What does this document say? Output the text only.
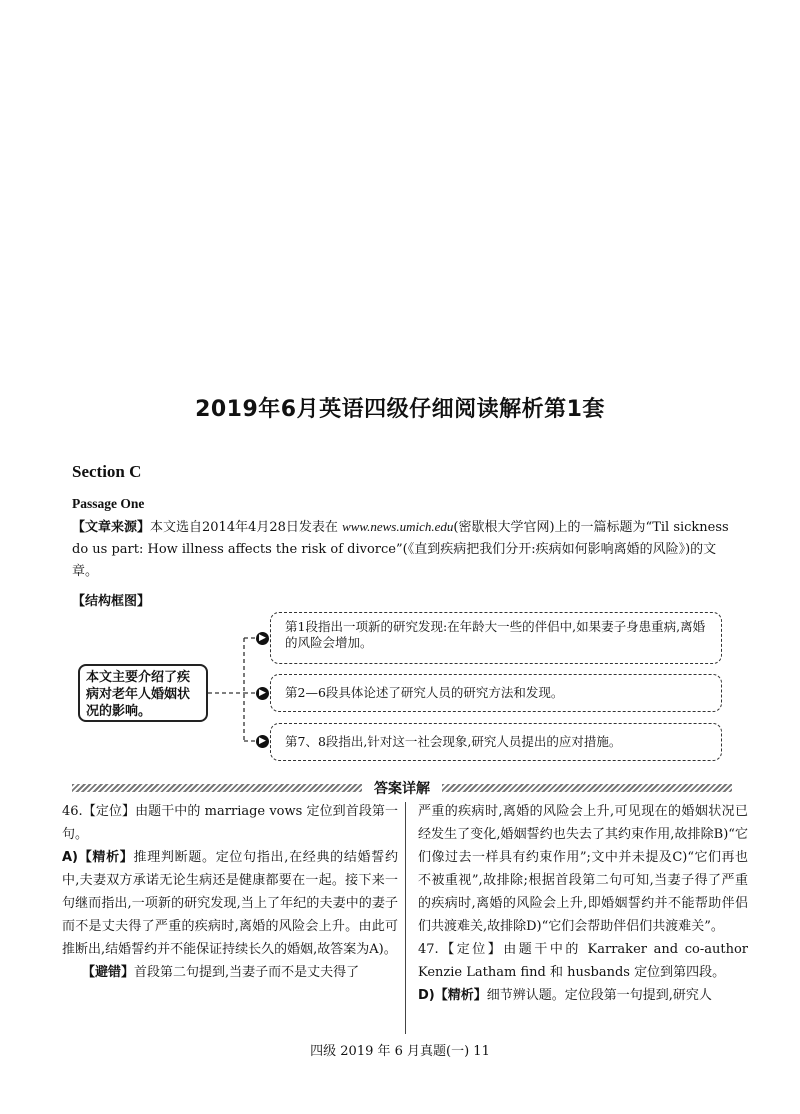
2019年6月英语四级仔细阅读解析第1套
Section C
Passage One
【文章来源】本文选自2014年4月28日发表在 www.news.umich.edu(密歇根大学官网)上的一篇标题为“Til sickness do us part: How illness affects the risk of divorce”(《直到疾病把我们分开:疾病如何影响离婚的风险》)的文章。
【结构框图】
本文主要介绍了疾病对老年人婚姻状况的影响。
▶
▶
▶
第1段指出一项新的研究发现:在年龄大一些的伴侣中,如果妻子身患重病,离婚的风险会增加。
第2—6段具体论述了研究人员的研究方法和发现。
第7、8段指出,针对这一社会现象,研究人员提出的应对措施。
答案详解
46.【定位】由题干中的 marriage vows 定位到首段第一句。
A)【精析】推理判断题。定位句指出,在经典的结婚誓约中,夫妻双方承诺无论生病还是健康都要在一起。接下来一句继而指出,一项新的研究发现,当上了年纪的夫妻中的妻子而不是丈夫得了严重的疾病时,离婚的风险会上升。由此可推断出,结婚誓约并不能保证持续长久的婚姻,故答案为A)。
【避错】首段第二句提到,当妻子而不是丈夫得了
严重的疾病时,离婚的风险会上升,可见现在的婚姻状况已经发生了变化,婚姻誓约也失去了其约束作用,故排除B)“它们像过去一样具有约束作用”;文中并未提及C)“它们再也不被重视”,故排除;根据首段第二句可知,当妻子得了严重的疾病时,离婚的风险会上升,即婚姻誓约并不能帮助伴侣们共渡难关,故排除D)“它们会帮助伴侣们共渡难关”。
47.【定位】由题干中的 Karraker and co-author Kenzie Latham find 和 husbands 定位到第四段。
D)【精析】细节辨认题。定位段第一句提到,研究人
四级 2019 年 6 月真题(一) 11
